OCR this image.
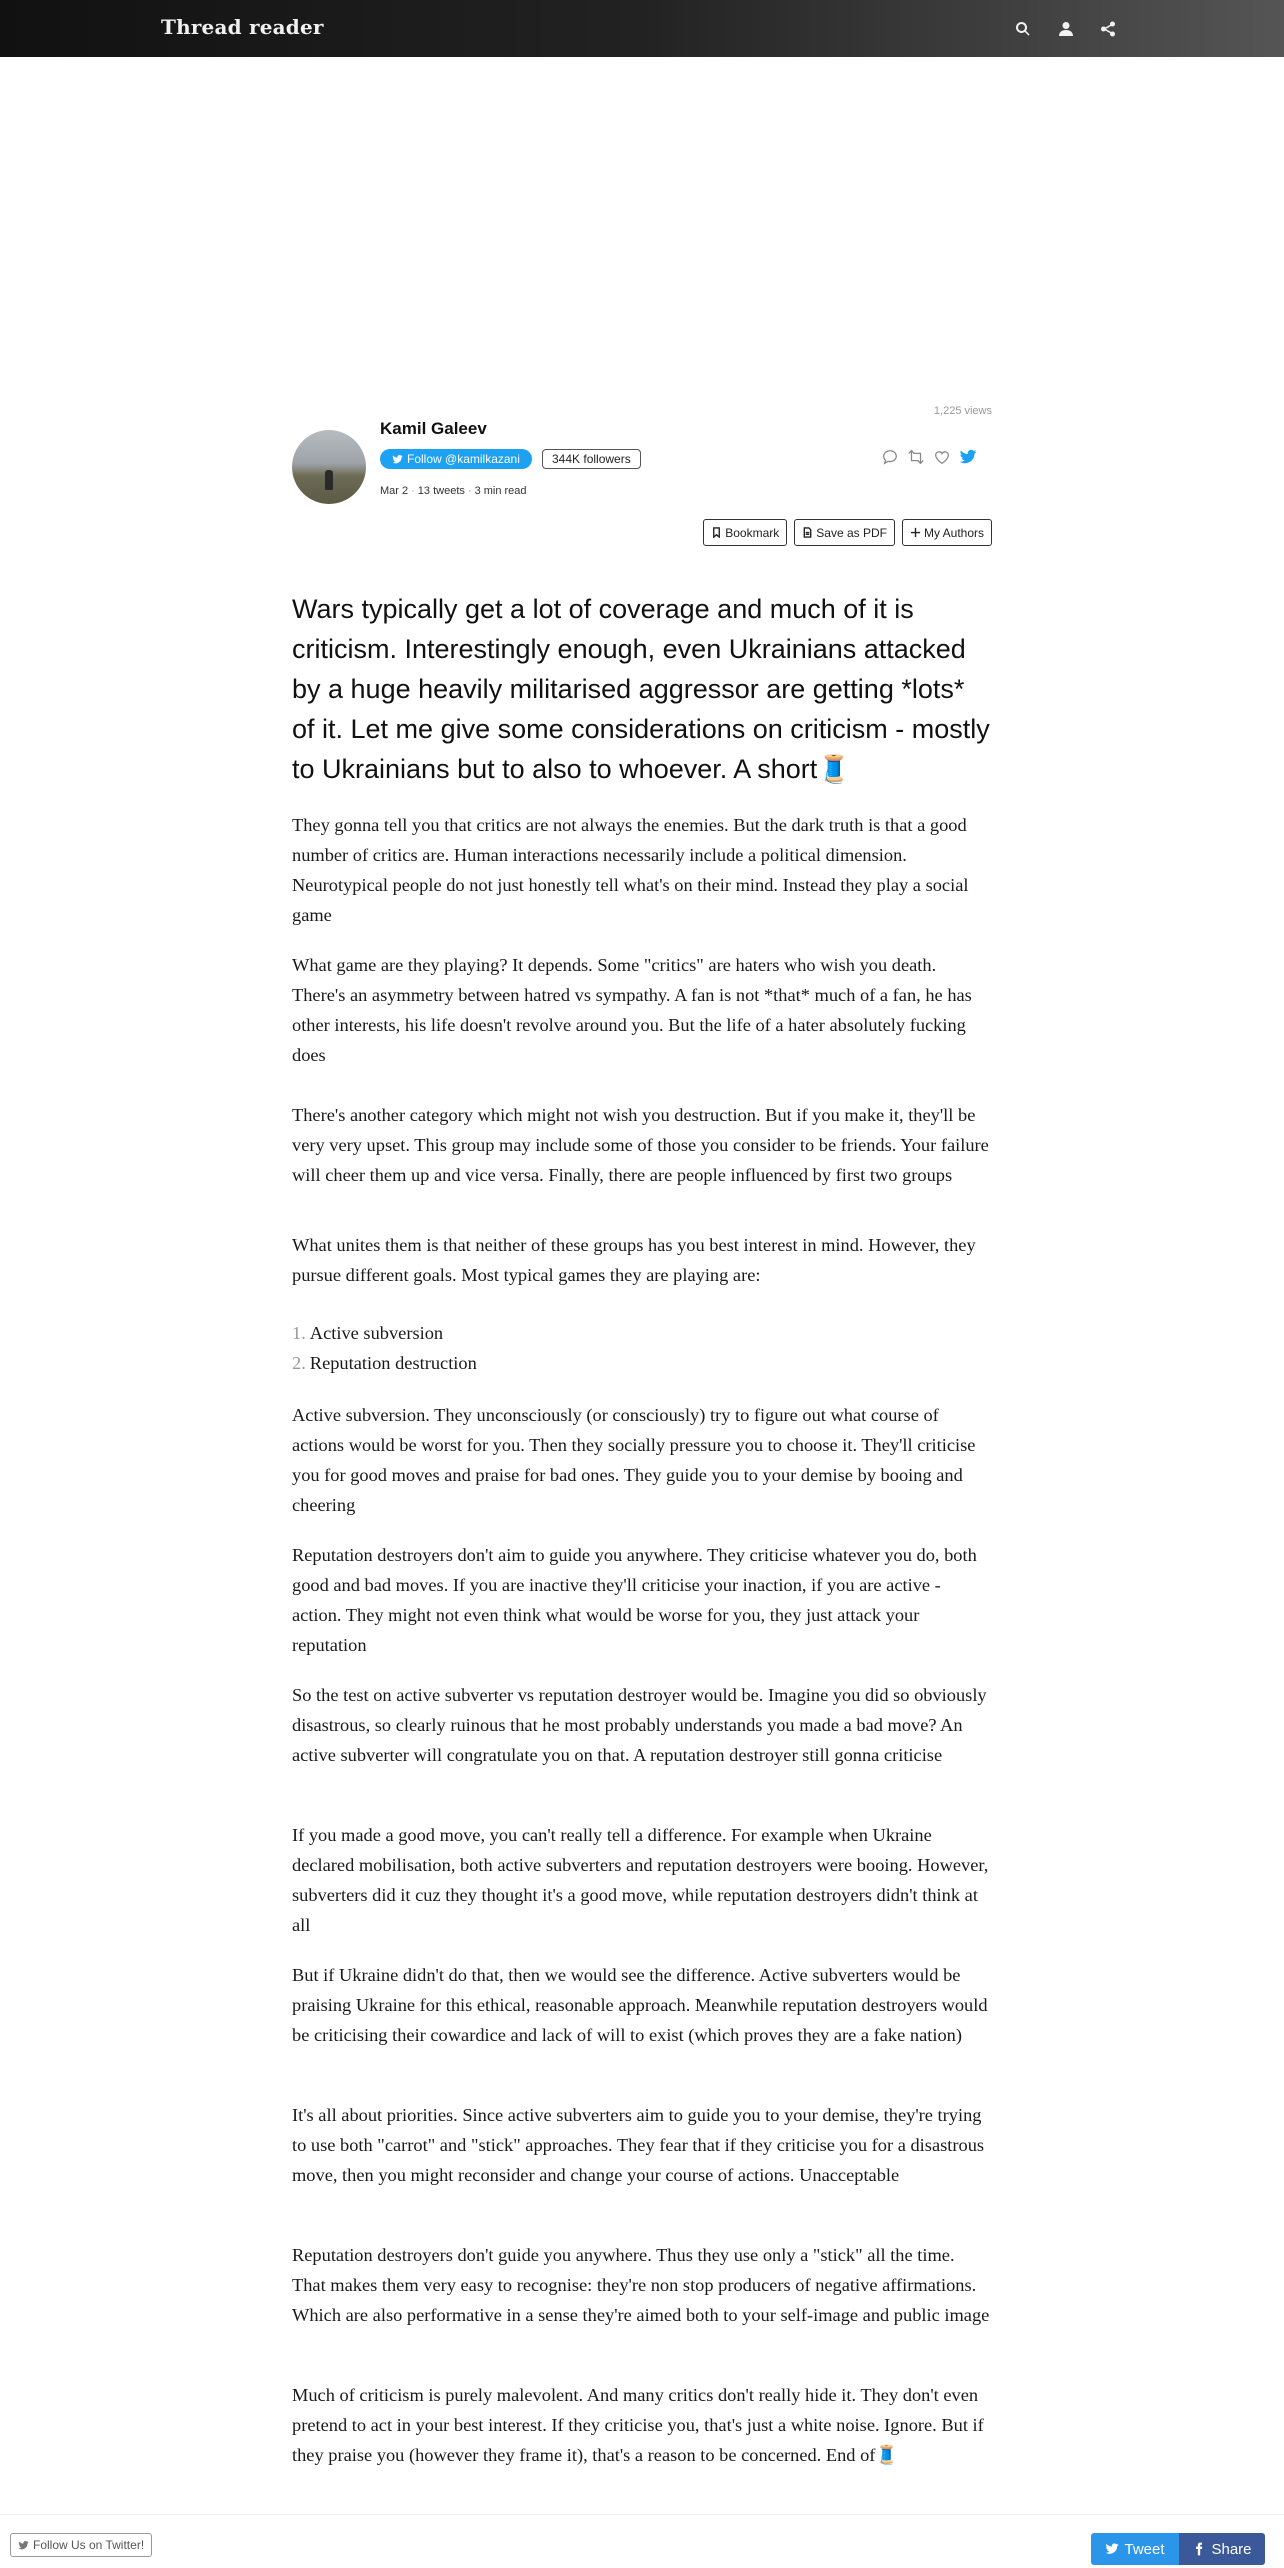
Thread reader
1,225 views
Kamil Galeev
Follow @kamilkazani	344K followers
Mar 2 · 13 tweets · 3 min read
Bookmark	Save as PDF	My Authors
Wars typically get a lot of coverage and much of it is criticism. Interestingly enough, even Ukrainians attacked by a huge heavily militarised aggressor are getting *lots* of it. Let me give some considerations on criticism - mostly to Ukrainians but to also to whoever. A short🧵

They gonna tell you that critics are not always the enemies. But the dark truth is that a good number of critics are. Human interactions necessarily include a political dimension. Neurotypical people do not just honestly tell what's on their mind. Instead they play a social game

What game are they playing? It depends. Some "critics" are haters who wish you death. There's an asymmetry between hatred vs sympathy. A fan is not *that* much of a fan, he has other interests, his life doesn't revolve around you. But the life of a hater absolutely fucking does

There's another category which might not wish you destruction. But if you make it, they'll be very very upset. This group may include some of those you consider to be friends. Your failure will cheer them up and vice versa. Finally, there are people influenced by first two groups

What unites them is that neither of these groups has you best interest in mind. However, they pursue different goals. Most typical games they are playing are:

1. Active subversion
2. Reputation destruction

Active subversion. They unconsciously (or consciously) try to figure out what course of actions would be worst for you. Then they socially pressure you to choose it. They'll criticise you for good moves and praise for bad ones. They guide you to your demise by booing and cheering

Reputation destroyers don't aim to guide you anywhere. They criticise whatever you do, both good and bad moves. If you are inactive they'll criticise your inaction, if you are active - action. They might not even think what would be worse for you, they just attack your reputation

So the test on active subverter vs reputation destroyer would be. Imagine you did so obviously disastrous, so clearly ruinous that he most probably understands you made a bad move? An active subverter will congratulate you on that. A reputation destroyer still gonna criticise

If you made a good move, you can't really tell a difference. For example when Ukraine declared mobilisation, both active subverters and reputation destroyers were booing. However, subverters did it cuz they thought it's a good move, while reputation destroyers didn't think at all

But if Ukraine didn't do that, then we would see the difference. Active subverters would be praising Ukraine for this ethical, reasonable approach. Meanwhile reputation destroyers would be criticising their cowardice and lack of will to exist (which proves they are a fake nation)

It's all about priorities. Since active subverters aim to guide you to your demise, they're trying to use both "carrot" and "stick" approaches. They fear that if they criticise you for a disastrous move, then you might reconsider and change your course of actions. Unacceptable

Reputation destroyers don't guide you anywhere. Thus they use only a "stick" all the time. That makes them very easy to recognise: they're non stop producers of negative affirmations. Which are also performative in a sense they're aimed both to your self-image and public image

Much of criticism is purely malevolent. And many critics don't really hide it. They don't even pretend to act in your best interest. If they criticise you, that's just a white noise. Ignore. But if they praise you (however they frame it), that's a reason to be concerned. End of🧵

Follow Us on Twitter!	Tweet	Share
